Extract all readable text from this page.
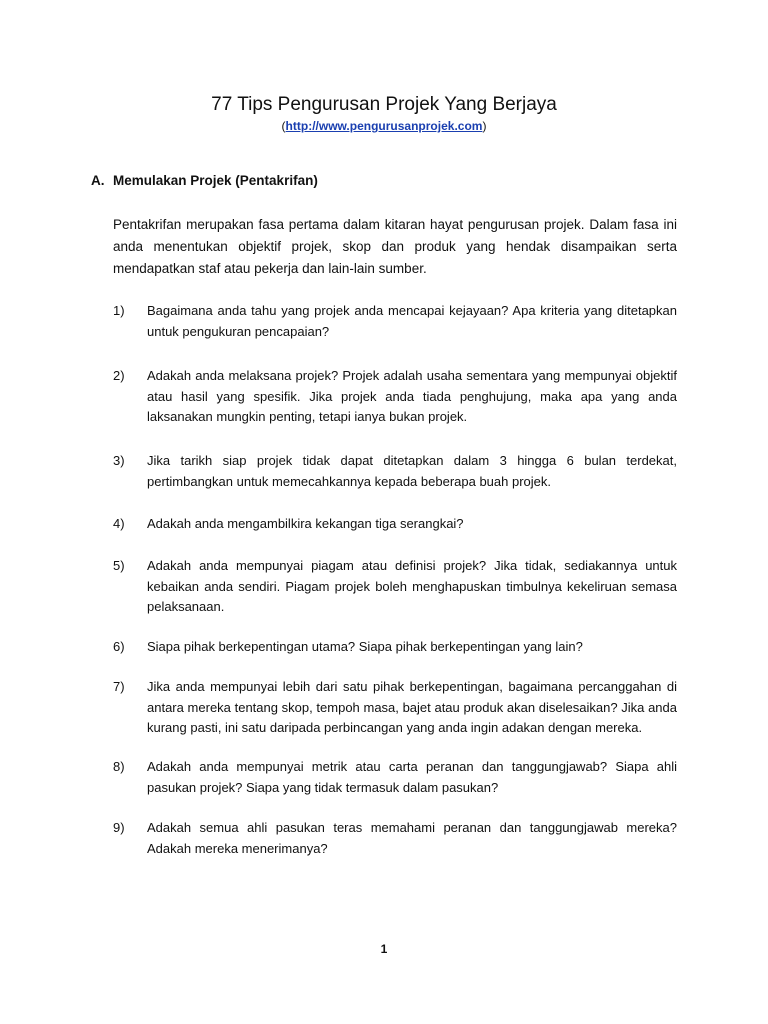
77 Tips Pengurusan Projek Yang Berjaya
(http://www.pengurusanprojek.com)
A. Memulakan Projek (Pentakrifan)
Pentakrifan merupakan fasa pertama dalam kitaran hayat pengurusan projek. Dalam fasa ini anda menentukan objektif projek, skop dan produk yang hendak disampaikan serta mendapatkan staf atau pekerja dan lain-lain sumber.
1)	Bagaimana anda tahu yang projek anda mencapai kejayaan? Apa kriteria yang ditetapkan untuk pengukuran pencapaian?
2)	Adakah anda melaksana projek? Projek adalah usaha sementara yang mempunyai objektif atau hasil yang spesifik. Jika projek anda tiada penghujung, maka apa yang anda laksanakan mungkin penting, tetapi ianya bukan projek.
3)	Jika tarikh siap projek tidak dapat ditetapkan dalam 3 hingga 6 bulan terdekat, pertimbangkan untuk memecahkannya kepada beberapa buah projek.
4)	Adakah anda mengambilkira kekangan tiga serangkai?
5)	Adakah anda mempunyai piagam atau definisi projek? Jika tidak, sediakannya untuk kebaikan anda sendiri. Piagam projek boleh menghapuskan timbulnya kekeliruan semasa pelaksanaan.
6)	Siapa pihak berkepentingan utama? Siapa pihak berkepentingan yang lain?
7)	Jika anda mempunyai lebih dari satu pihak berkepentingan, bagaimana percanggahan di antara mereka tentang skop, tempoh masa, bajet atau produk akan diselesaikan? Jika anda kurang pasti, ini satu daripada perbincangan yang anda ingin adakan dengan mereka.
8)	Adakah anda mempunyai metrik atau carta peranan dan tanggungjawab? Siapa ahli pasukan projek? Siapa yang tidak termasuk dalam pasukan?
9)	Adakah semua ahli pasukan teras memahami peranan dan tanggungjawab mereka? Adakah mereka menerimanya?
1
